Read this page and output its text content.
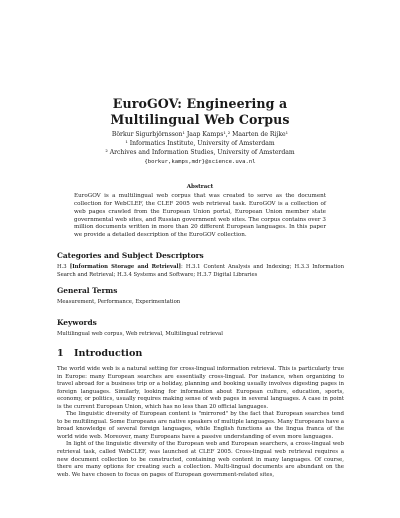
EuroGOV: Engineering a
Multilingual Web Corpus
Börkur Sigurbjörnsson¹ Jaap Kamps¹,² Maarten de Rijke¹
¹ Informatics Institute, University of Amsterdam
² Archives and Information Studies, University of Amsterdam
{borkur,kamps,mdr}@science.uva.nl
Abstract

EuroGOV is a multilingual web corpus that was created to serve as the document collection for WebCLEF, the CLEF 2005 web retrieval task. EuroGOV is a collection of web pages crawled from the European Union portal, European Union member state governmental web sites, and Russian government web sites. The corpus contains over 3 million documents written in more than 20 different European languages. In this paper we provide a detailed description of the EuroGOV collection.

Categories and Subject Descriptors

H.3 [Information Storage and Retrieval]: H.3.1 Content Analysis and Indexing; H.3.3 Information Search and Retrieval; H.3.4 Systems and Software; H.3.7 Digital Libraries

General Terms

Measurement, Performance, Experimentation

Keywords

Multilingual web corpus, Web retrieval, Multilingual retrieval

1 Introduction

The world wide web is a natural setting for cross-lingual information retrieval. This is particularly true in Europe: many European searches are essentially cross-lingual. For instance, when organizing to travel abroad for a business trip or a holiday, planning and booking usually involves digesting pages in foreign languages. Similarly, looking for information about European culture, education, sports, economy, or politics, usually requires making sense of web pages in several languages. A case in point is the current European Union, which has no less than 20 official languages.

The linguistic diversity of European content is "mirrored" by the fact that European searches tend to be multilingual. Some Europeans are native speakers of multiple languages. Many Europeans have a broad knowledge of several foreign languages, while English functions as the lingua franca of the world wide web. Moreover, many Europeans have a passive understanding of even more languages.

In light of the linguistic diversity of the European web and European searchers, a cross-lingual web retrieval task, called WebCLEF, was launched at CLEF 2005. Cross-lingual web retrieval requires a new document collection to be constructed, containing web content in many languages. Of course, there are many options for creating such a collection. Multi-lingual documents are abundant on the web. We have chosen to focus on pages of European government-related sites,
